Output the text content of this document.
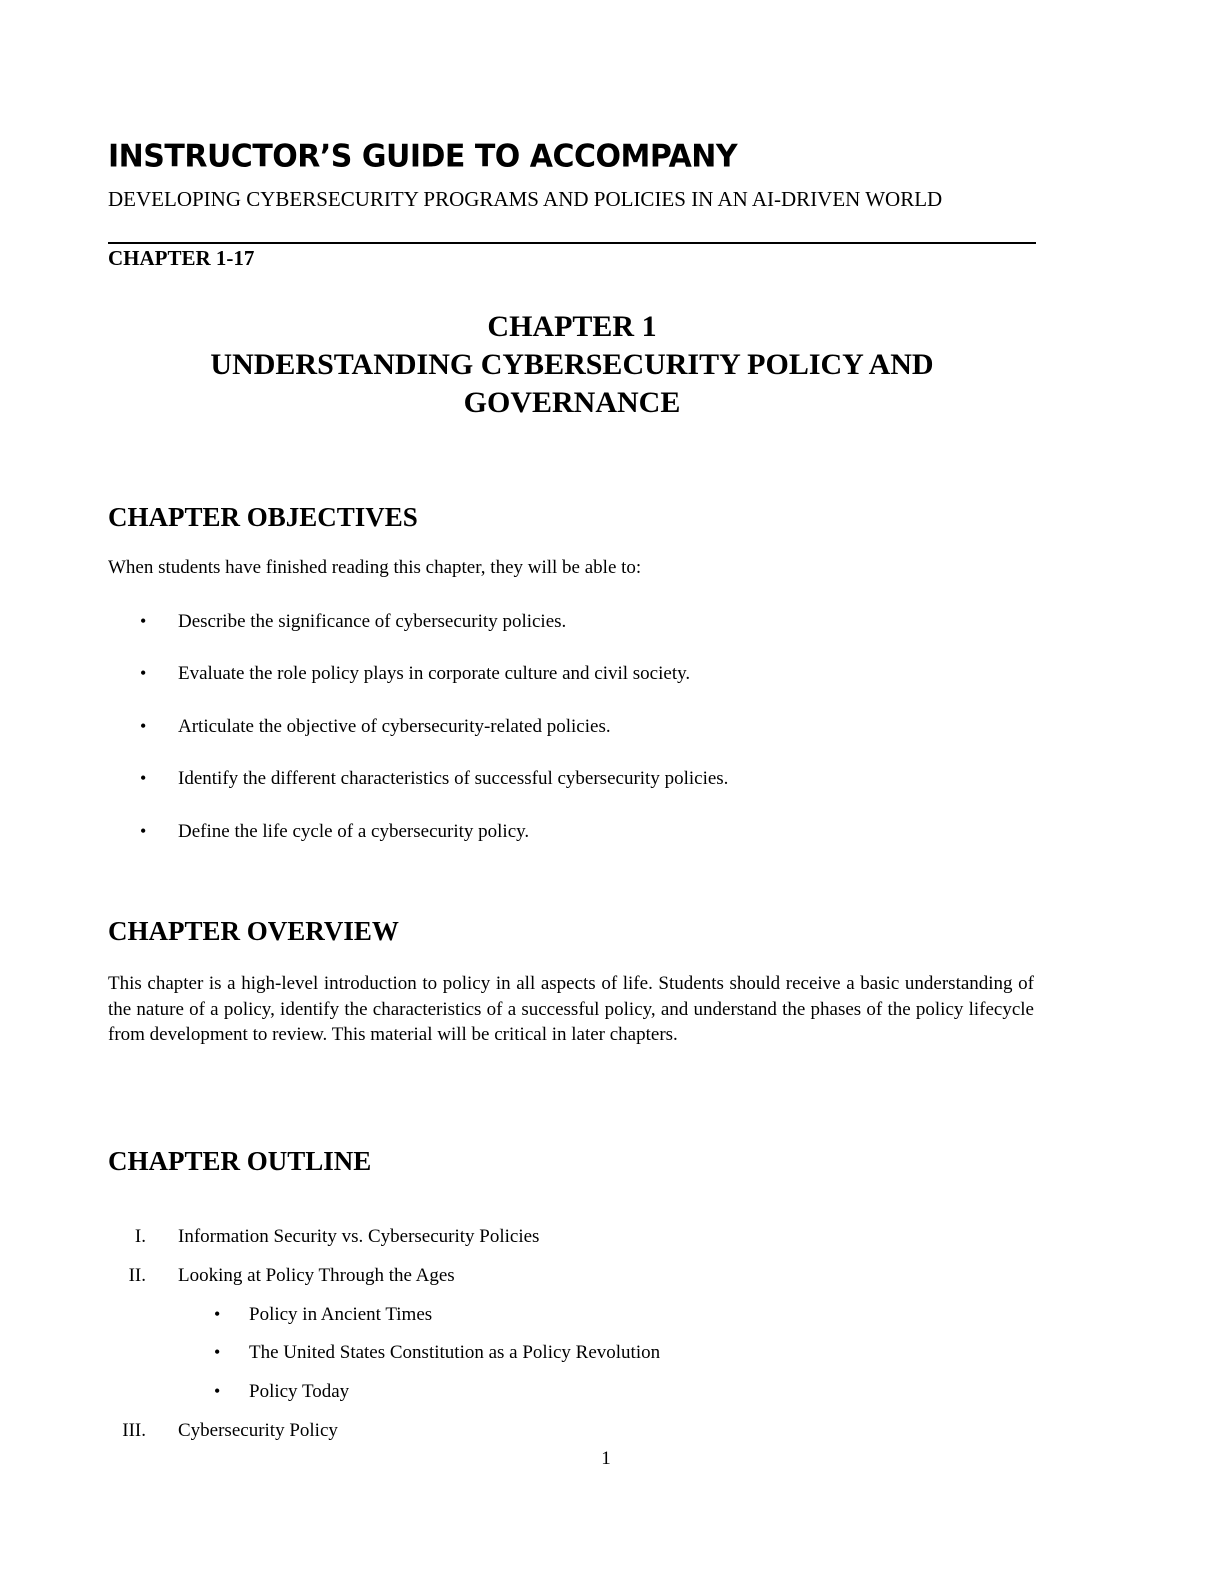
INSTRUCTOR’S GUIDE TO ACCOMPANY
DEVELOPING CYBERSECURITY PROGRAMS AND POLICIES IN AN AI-DRIVEN WORLD
CHAPTER 1-17
CHAPTER 1
UNDERSTANDING CYBERSECURITY POLICY AND
GOVERNANCE
CHAPTER OBJECTIVES
When students have finished reading this chapter, they will be able to:
• Describe the significance of cybersecurity policies.
• Evaluate the role policy plays in corporate culture and civil society.
• Articulate the objective of cybersecurity-related policies.
• Identify the different characteristics of successful cybersecurity policies.
• Define the life cycle of a cybersecurity policy.
CHAPTER OVERVIEW
This chapter is a high-level introduction to policy in all aspects of life. Students should receive a basic understanding of the nature of a policy, identify the characteristics of a successful policy, and understand the phases of the policy lifecycle from development to review. This material will be critical in later chapters.
CHAPTER OUTLINE
I. Information Security vs. Cybersecurity Policies
II. Looking at Policy Through the Ages
• Policy in Ancient Times
• The United States Constitution as a Policy Revolution
• Policy Today
III. Cybersecurity Policy
1
